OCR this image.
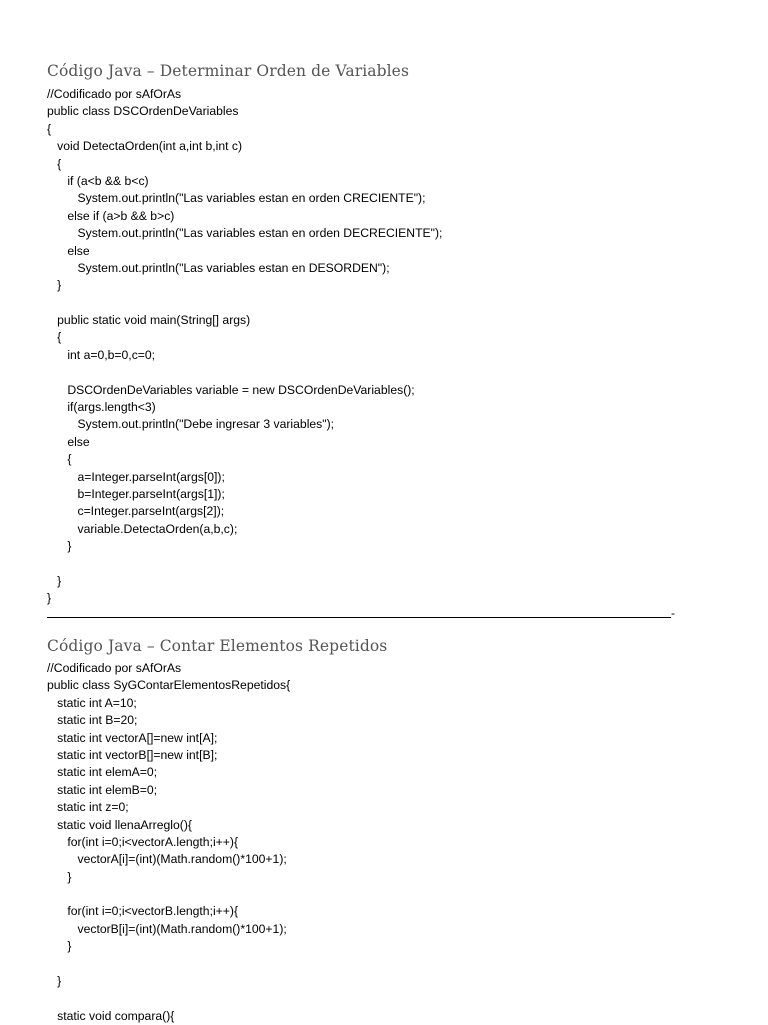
Código Java – Determinar Orden de Variables
//Codificado por sAfOrAs
public class DSCOrdenDeVariables
{
void DetectaOrden(int a,int b,int c)
{
if (a<b && b<c)
System.out.println("Las variables estan en orden CRECIENTE");
else if (a>b && b>c)
System.out.println("Las variables estan en orden DECRECIENTE");
else
System.out.println("Las variables estan en DESORDEN");
}
public static void main(String[] args)
{
int a=0,b=0,c=0;
DSCOrdenDeVariables variable = new DSCOrdenDeVariables();
if(args.length<3)
System.out.println("Debe ingresar 3 variables");
else
{
a=Integer.parseInt(args[0]);
b=Integer.parseInt(args[1]);
c=Integer.parseInt(args[2]);
variable.DetectaOrden(a,b,c);
}
}
}
-
Código Java – Contar Elementos Repetidos
//Codificado por sAfOrAs
public class SyGContarElementosRepetidos{
static int A=10;
static int B=20;
static int vectorA[]=new int[A];
static int vectorB[]=new int[B];
static int elemA=0;
static int elemB=0;
static int z=0;
static void llenaArreglo(){
for(int i=0;i<vectorA.length;i++){
vectorA[i]=(int)(Math.random()*100+1);
}
for(int i=0;i<vectorB.length;i++){
vectorB[i]=(int)(Math.random()*100+1);
}
}
static void compara(){
